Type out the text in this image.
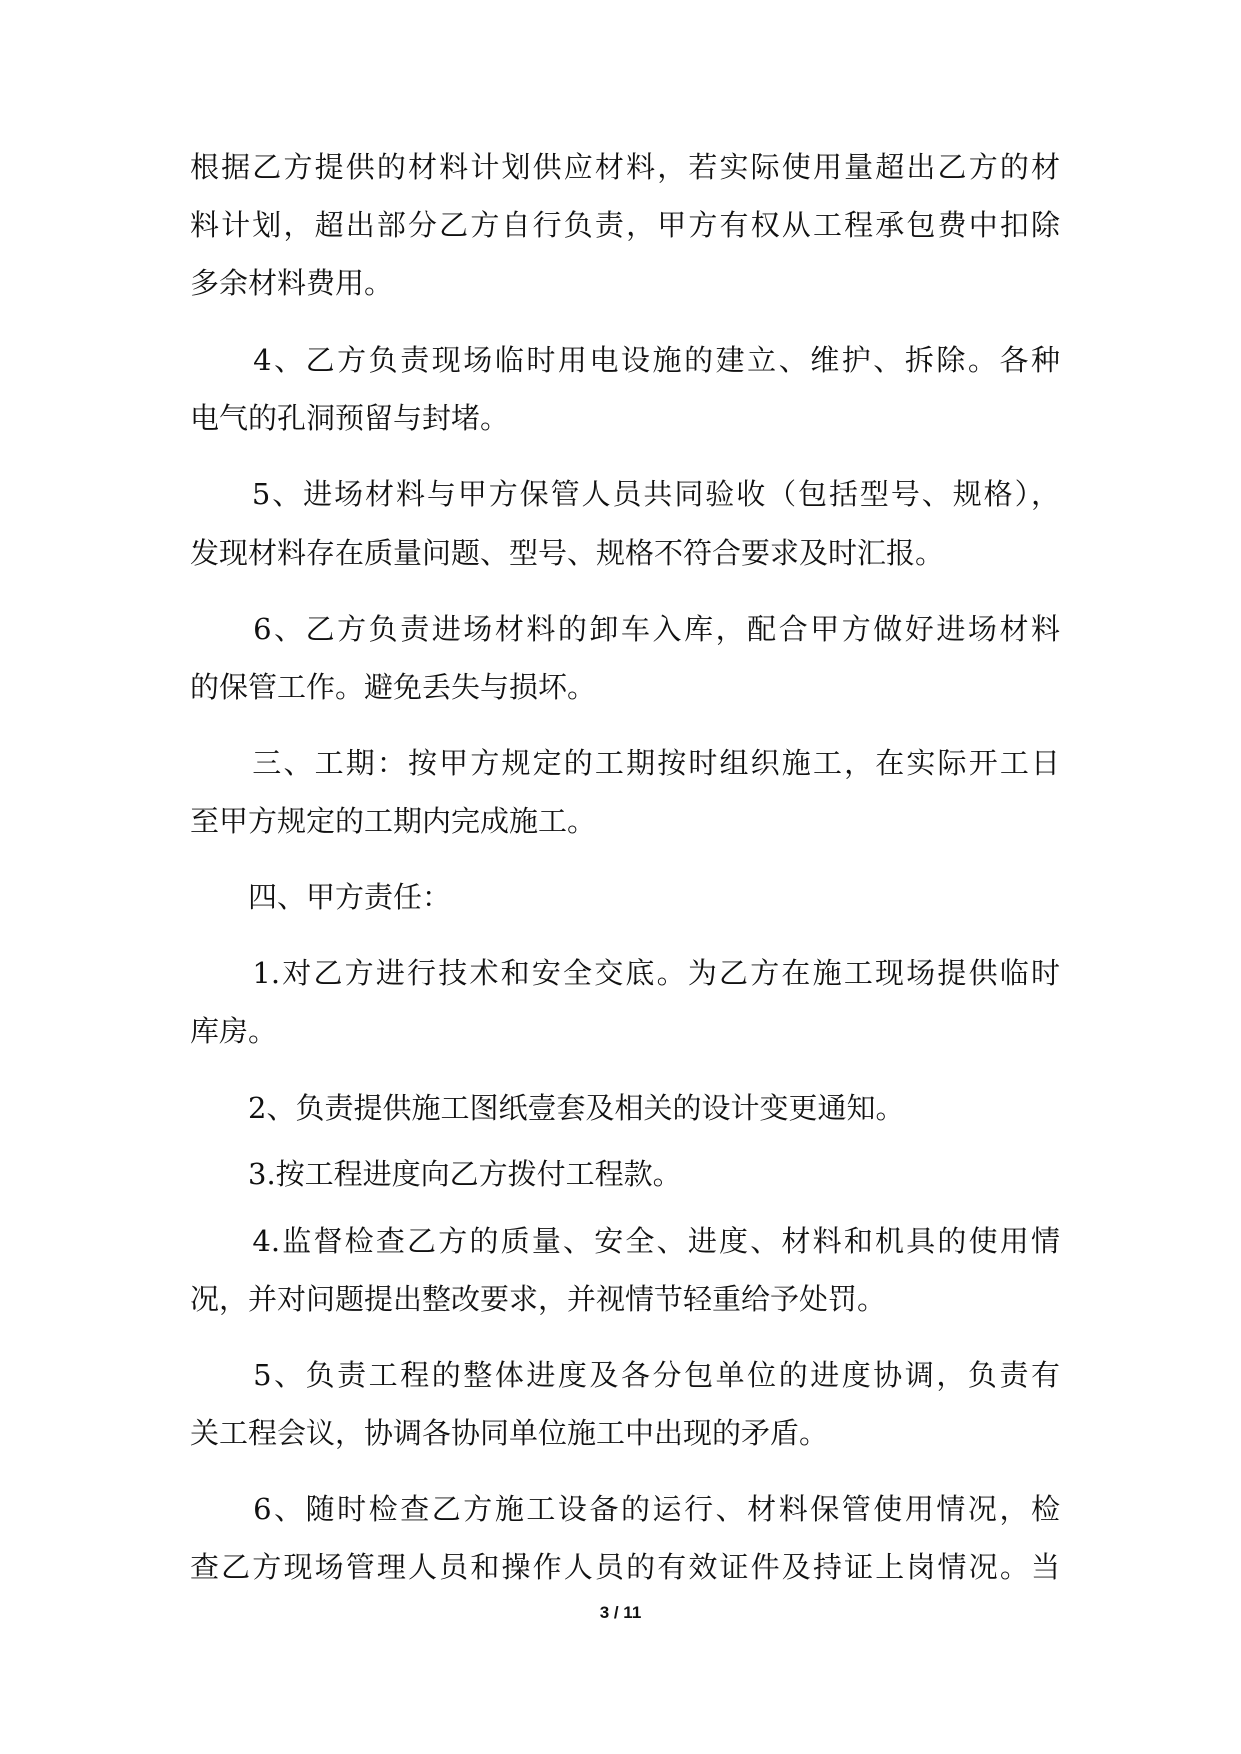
根据乙方提供的材料计划供应材料，若实际使用量超出乙方的材
料计划，超出部分乙方自行负责，甲方有权从工程承包费中扣除
多余材料费用。
　　4、乙方负责现场临时用电设施的建立、维护、拆除。各种
电气的孔洞预留与封堵。
　　5、进场材料与甲方保管人员共同验收（包括型号、规格），
发现材料存在质量问题、型号、规格不符合要求及时汇报。
　　6、乙方负责进场材料的卸车入库，配合甲方做好进场材料
的保管工作。避免丢失与损坏。
　　三、工期：按甲方规定的工期按时组织施工，在实际开工日
至甲方规定的工期内完成施工。
　　四、甲方责任：
　　1.对乙方进行技术和安全交底。为乙方在施工现场提供临时
库房。
　　2、负责提供施工图纸壹套及相关的设计变更通知。
　　3.按工程进度向乙方拨付工程款。
　　4.监督检查乙方的质量、安全、进度、材料和机具的使用情
况，并对问题提出整改要求，并视情节轻重给予处罚。
　　5、负责工程的整体进度及各分包单位的进度协调，负责有
关工程会议，协调各协同单位施工中出现的矛盾。
　　6、随时检查乙方施工设备的运行、材料保管使用情况，检
查乙方现场管理人员和操作人员的有效证件及持证上岗情况。当
3 / 11
